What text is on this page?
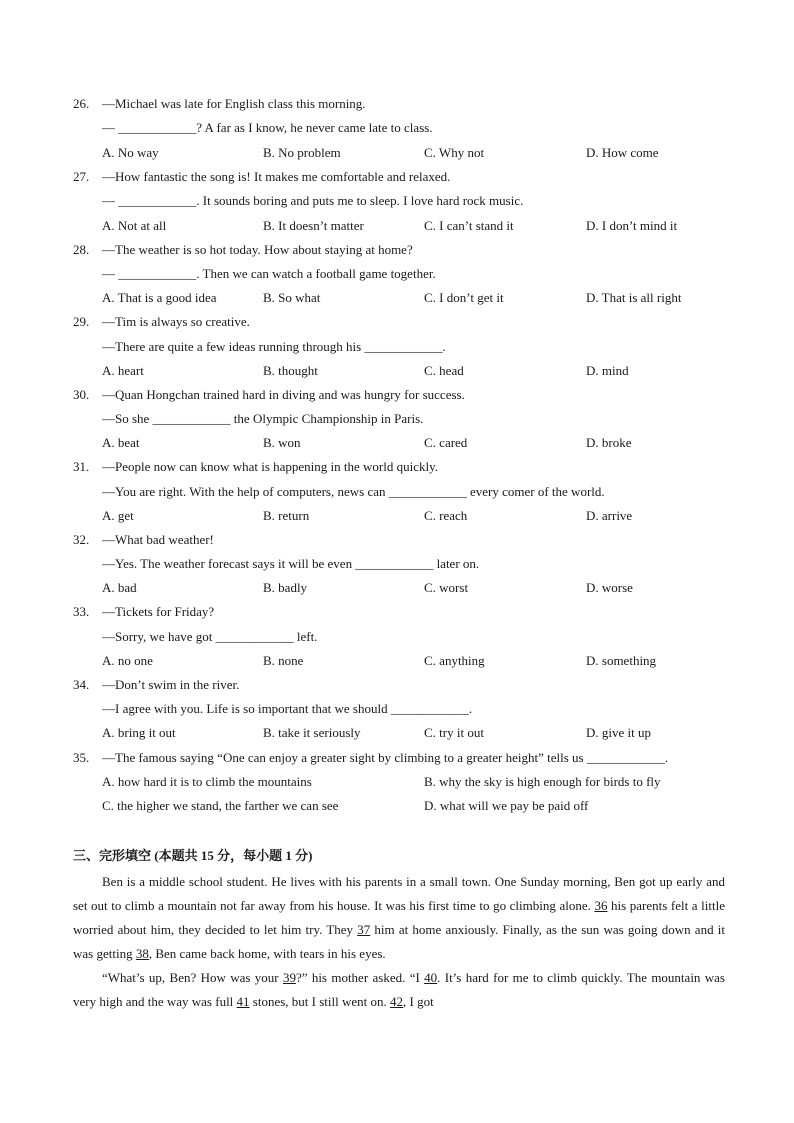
26. —Michael was late for English class this morning.
— ____________? A far as I know, he never came late to class.
A. No way	B. No problem	C. Why not	D. How come
27. —How fantastic the song is! It makes me comfortable and relaxed.
— ____________. It sounds boring and puts me to sleep. I love hard rock music.
A. Not at all	B. It doesn’t matter	C. I can’t stand it	D. I don’t mind it
28. —The weather is so hot today. How about staying at home?
— ____________. Then we can watch a football game together.
A. That is a good idea	B. So what	C. I don’t get it	D. That is all right
29. —Tim is always so creative.
—There are quite a few ideas running through his ____________.
A. heart	B. thought	C. head	D. mind
30. —Quan Hongchan trained hard in diving and was hungry for success.
—So she ____________ the Olympic Championship in Paris.
A. beat	B. won	C. cared	D. broke
31. —People now can know what is happening in the world quickly.
—You are right. With the help of computers, news can ____________ every comer of the world.
A. get	B. return	C. reach	D. arrive
32. —What bad weather!
—Yes. The weather forecast says it will be even ____________ later on.
A. bad	B. badly	C. worst	D. worse
33. —Tickets for Friday?
—Sorry, we have got ____________ left.
A. no one	B. none	C. anything	D. something
34. —Don’t swim in the river.
—I agree with you. Life is so important that we should ____________.
A. bring it out	B. take it seriously	C. try it out	D. give it up
35. —The famous saying “One can enjoy a greater sight by climbing to a greater height” tells us ____________.
A. how hard it is to climb the mountains	B. why the sky is high enough for birds to fly
C. the higher we stand, the farther we can see	D. what will we pay be paid off
三、完形填空 (本题共 15 分，每小题 1 分)
Ben is a middle school student. He lives with his parents in a small town. One Sunday morning, Ben got up early and set out to climb a mountain not far away from his house. It was his first time to go climbing alone. 36 his parents felt a little worried about him, they decided to let him try. They 37 him at home anxiously. Finally, as the sun was going down and it was getting 38, Ben came back home, with tears in his eyes.
“What’s up, Ben? How was your 39?” his mother asked. “I 40. It’s hard for me to climb quickly. The mountain was very high and the way was full 41 stones, but I still went on. 42, I got
